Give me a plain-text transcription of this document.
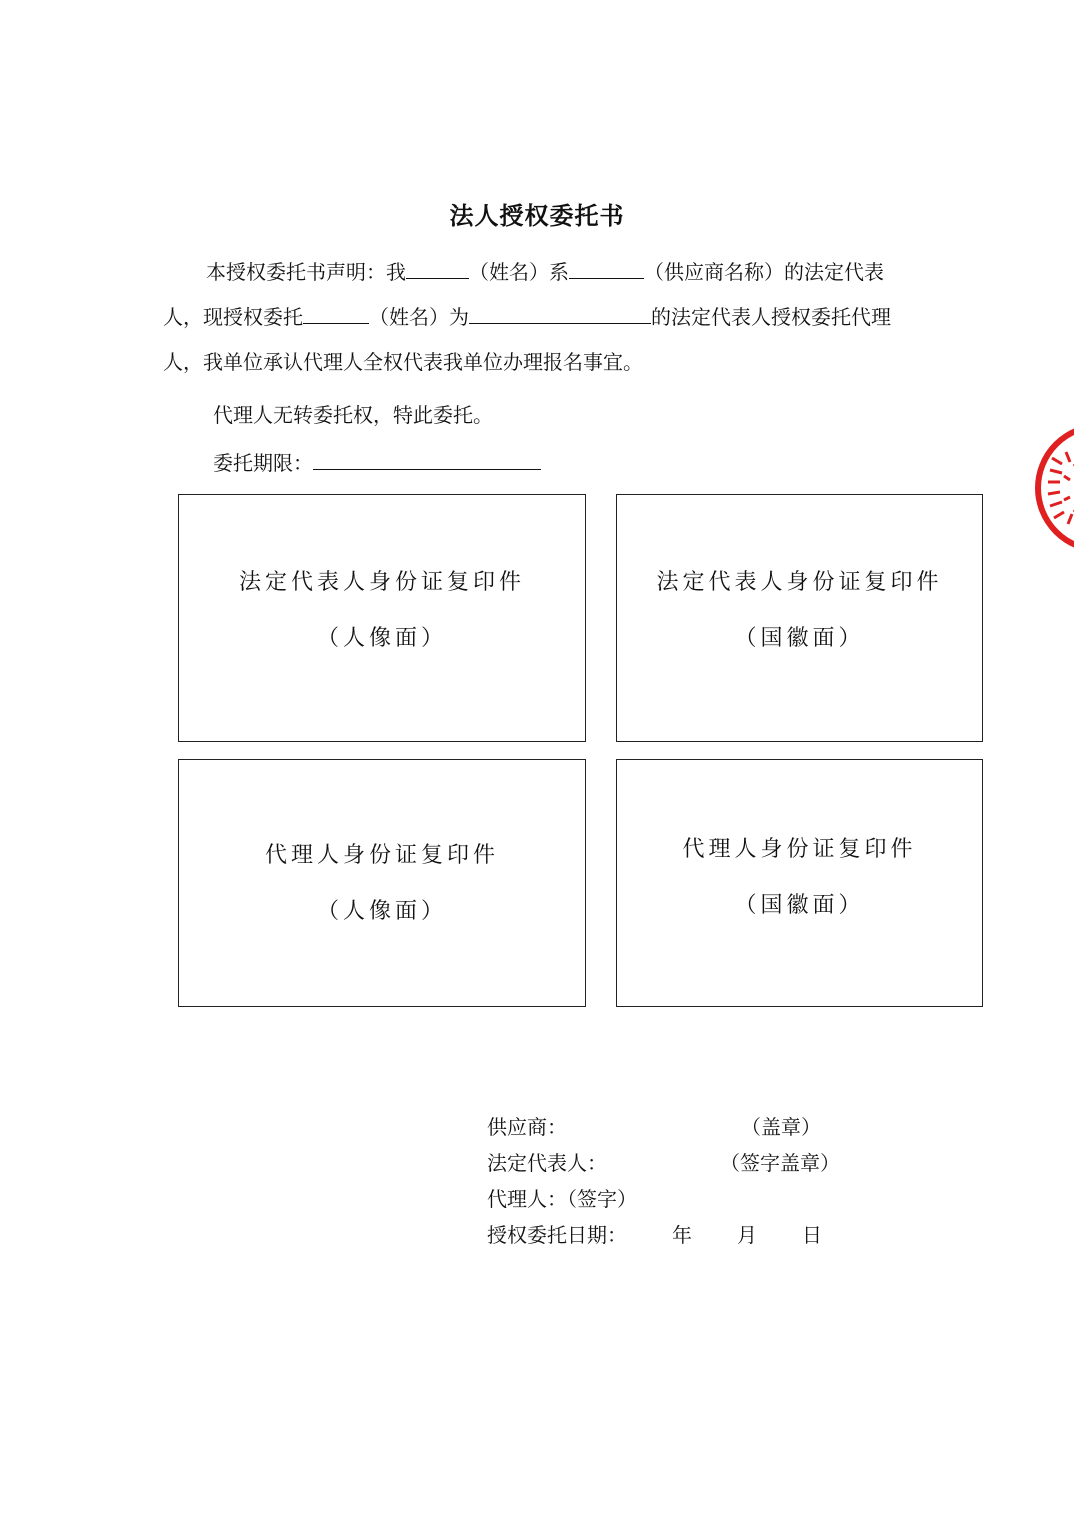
法人授权委托书
本授权委托书声明：我	（姓名）系	（供应商名称）的法定代表
人，现授权委托	（姓名）为	的法定代表人授权委托代理
人，我单位承认代理人全权代表我单位办理报名事宜。
代理人无转委托权，特此委托。
委托期限：
法定代表人身份证复印件
（人像面）
法定代表人身份证复印件
（国徽面）
代理人身份证复印件
（人像面）
代理人身份证复印件
（国徽面）
供应商：	（盖章）
法定代表人：	（签字盖章）
代理人：（签字）
授权委托日期： 年 月 日
